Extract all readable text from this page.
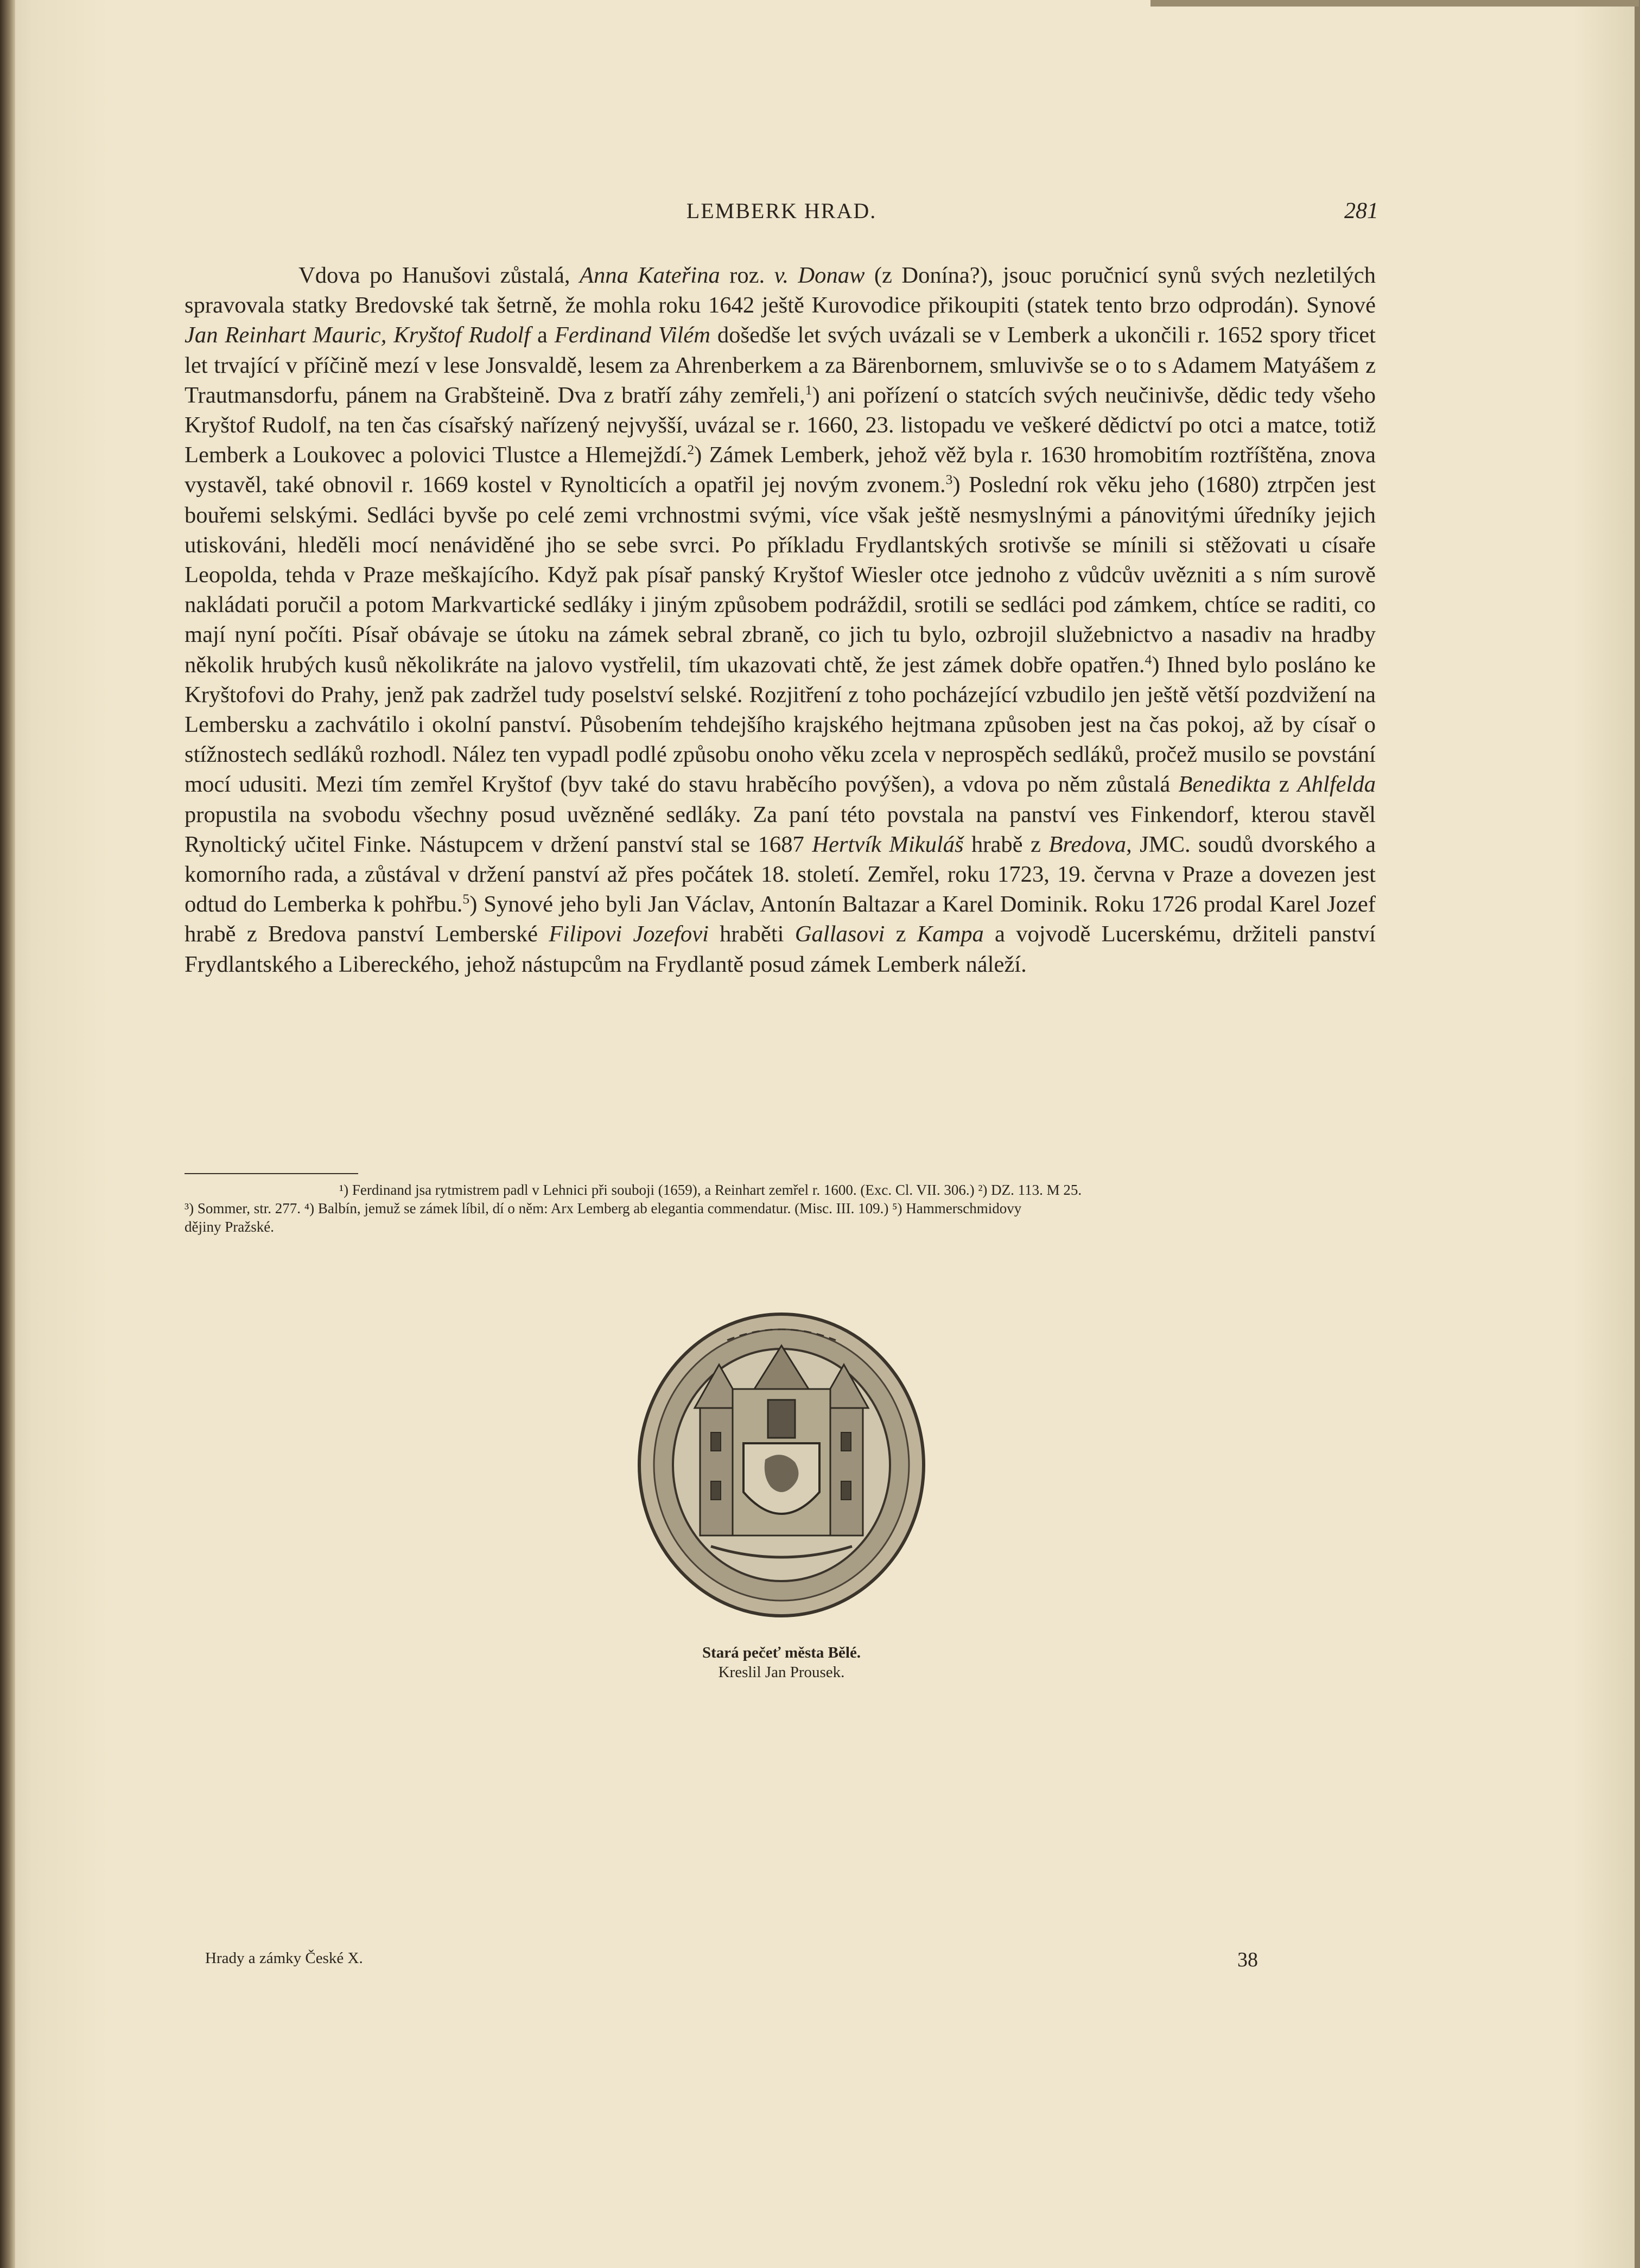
LEMBERK HRAD.	281

Vdova po Hanušovi zůstalá, Anna Kateřina roz. v. Donaw (z Donína?), jsouc poručnicí synů svých nezletilých spravovala statky Bredovské tak šetrně, že mohla roku 1642 ještě Kurovodice přikoupiti (statek tento brzo odprodán). Synové Jan Reinhart Mauric, Kryštof Rudolf a Ferdinand Vilém došedše let svých uvázali se v Lemberk a ukončili r. 1652 spory třicet let trvající v příčině mezí v lese Jonsvaldě, lesem za Ahrenberkem a za Bärenbornem, smluvivše se o to s Adamem Matyášem z Trautmansdorfu, pánem na Grabšteině. Dva z bratří záhy zemřeli,$^1$) ani pořízení o statcích svých neučinivše, dědic tedy všeho Kryštof Rudolf, na ten čas císařský nařízený nejvyšší, uvázal se r. 1660, 23. listopadu ve veškeré dědictví po otci a matce, totiž Lemberk a Loukovec a polovici Tlustce a Hlemejždí.$^2$) Zámek Lemberk, jehož věž byla r. 1630 hromobitím roztříštěna, znova vystavěl, také obnovil r. 1669 kostel v Rynolticích a opatřil jej novým zvonem.$^3$) Poslední rok věku jeho (1680) ztrpčen jest bouřemi selskými. Sedláci byvše po celé zemi vrchnostmi svými, více však ještě nesmyslnými a pánovitými úředníky jejich utiskováni, hleděli mocí nenáviděné jho se sebe svrci. Po příkladu Frydlantských srotivše se mínili si stěžovati u císaře Leopolda, tehda v Praze meškajícího. Když pak písař panský Kryštof Wiesler otce jednoho z vůdcův uvězniti a s ním surově nakládati poručil a potom Markvartické sedláky i jiným způsobem podráždil, srotili se sedláci pod zámkem, chtíce se raditi, co mají nyní počíti. Písař obávaje se útoku na zámek sebral zbraně, co jich tu bylo, ozbrojil služebnictvo a nasadiv na hradby několik hrubých kusů několikráte na jalovo vystřelil, tím ukazovati chtě, že jest zámek dobře opatřen.$^4$) Ihned bylo posláno ke Kryštofovi do Prahy, jenž pak zadržel tudy poselství selské. Rozjitření z toho pocházející vzbudilo jen ještě větší pozdvižení na Lembersku a zachvátilo i okolní panství. Působením tehdejšího krajského hejtmana způsoben jest na čas pokoj, až by císař o stížnostech sedláků rozhodl. Nález ten vypadl podlé způsobu onoho věku zcela v neprospěch sedláků, pročež musilo se povstání mocí udusiti. Mezi tím zemřel Kryštof (byv také do stavu hraběcího povýšen), a vdova po něm zůstalá Benedikta z Ahlfelda propustila na svobodu všechny posud uvězněné sedláky. Za paní této povstala na panství ves Finkendorf, kterou stavěl Rynoltický učitel Finke. Nástupcem v držení panství stal se 1687 Hertvík Mikuláš hrabě z Bredova, JMC. soudů dvorského a komorního rada, a zůstával v držení panství až přes počátek 18. století. Zemřel, roku 1723, 19. června v Praze a dovezen jest odtud do Lemberka k pohřbu.$^5$) Synové jeho byli Jan Václav, Antonín Baltazar a Karel Dominik. Roku 1726 prodal Karel Jozef hrabě z Bredova panství Lemberské Filipovi Jozefovi hraběti Gallasovi z Kampa a vojvodě Lucerskému, držiteli panství Frydlantského a Libereckého, jehož nástupcům na Frydlantě posud zámek Lemberk náleží.

¹) Ferdinand jsa rytmistrem padl v Lehnici při souboji (1659), a Reinhart zemřel r. 1600. (Exc. Cl. VII. 306.) ²) DZ. 113. M 25.
³) Sommer, str. 277. ⁴) Balbín, jemuž se zámek líbil, dí o něm: Arx Lemberg ab elegantia commendatur. (Misc. III. 109.) ⁵) Hammerschmidovy
dějiny Pražské.
Stará pečeť města Bělé.
Kreslil Jan Prousek.
Hrady a zámky České X.	38
